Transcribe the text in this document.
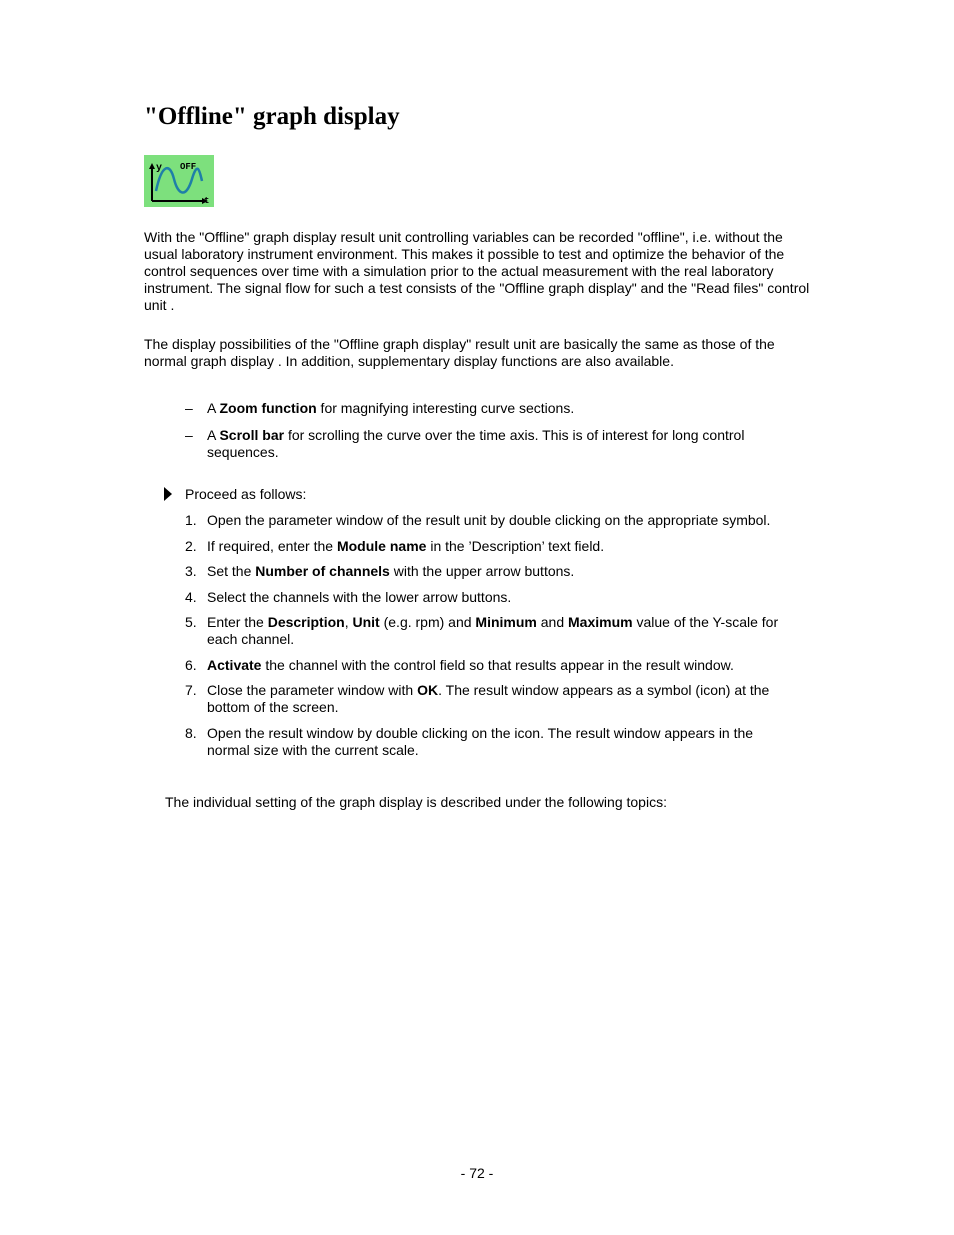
"Offline" graph display
y OFF
t

With the "Offline" graph display result unit controlling variables can be recorded "offline", i.e. without the usual laboratory instrument environment. This makes it possible to test and optimize the behavior of the control sequences over time with a simulation prior to the actual measurement with the real laboratory instrument. The signal flow for such a test consists of the "Offline graph display" and the "Read files" control unit .

The display possibilities of the "Offline graph display" result unit are basically the same as those of the normal graph display . In addition, supplementary display functions are also available.

– A Zoom function for magnifying interesting curve sections.
– A Scroll bar for scrolling the curve over the time axis. This is of interest for long control sequences.
Proceed as follows:
1. Open the parameter window of the result unit by double clicking on the appropriate symbol.
2. If required, enter the Module name in the ’Description’ text field.
3. Set the Number of channels with the upper arrow buttons.
4. Select the channels with the lower arrow buttons.
5. Enter the Description, Unit (e.g. rpm) and Minimum and Maximum value of the Y-scale for each channel.
6. Activate the channel with the control field so that results appear in the result window.
7. Close the parameter window with OK. The result window appears as a symbol (icon) at the bottom of the screen.
8. Open the result window by double clicking on the icon. The result window appears in the normal size with the current scale.

The individual setting of the graph display is described under the following topics:

- 72 -
